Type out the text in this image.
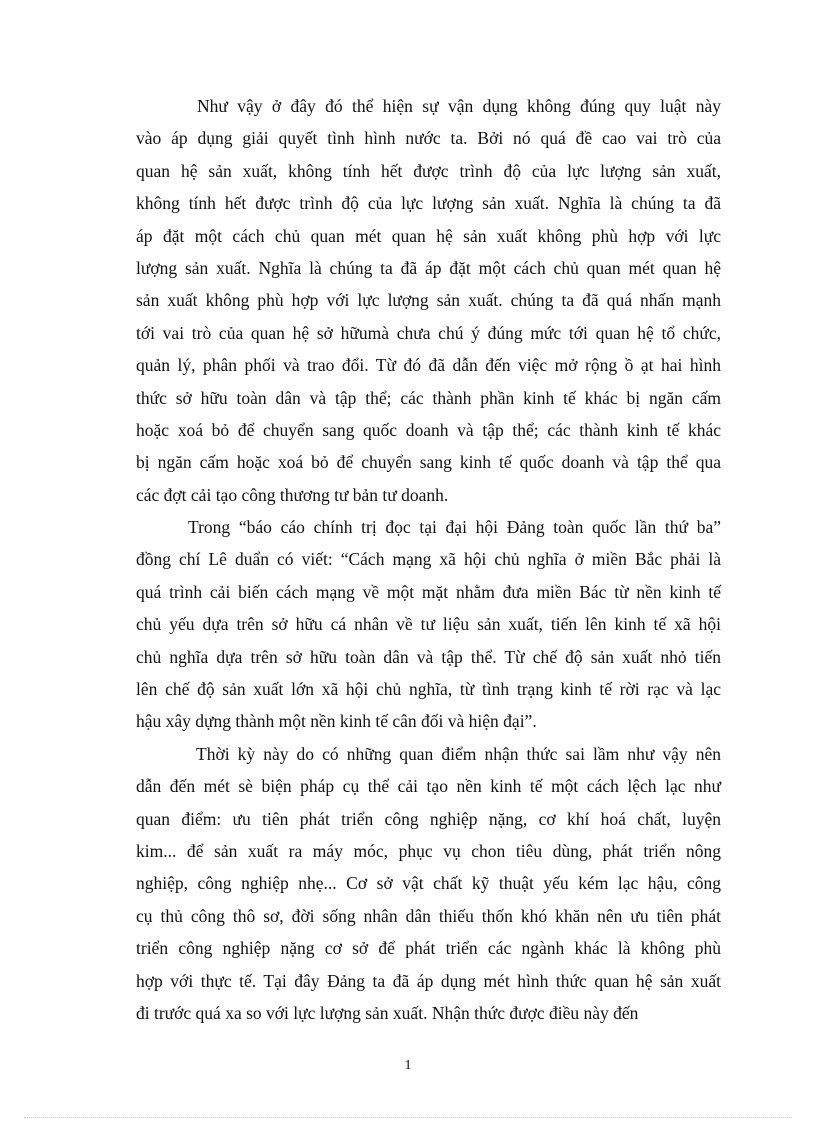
Như vậy ở đây đó thể hiện sự vận dụng không đúng quy luật này
vào áp dụng giải quyết tình hình nước ta. Bởi nó quá đề cao vai trò của
quan hệ sản xuất, không tính hết được trình độ của lực lượng sản xuất,
không tính hết được trình độ của lực lượng sản xuất. Nghĩa là chúng ta đã
áp đặt một cách chủ quan mét quan hệ sản xuất không phù hợp với lực
lượng sản xuất. Nghĩa là chúng ta đã áp đặt một cách chủ quan mét quan hệ
sản xuất không phù hợp với lực lượng sản xuất. chúng ta đã quá nhấn mạnh
tới vai trò của quan hệ sở hữumà chưa chú ý đúng mức tới quan hệ tổ chức,
quản lý, phân phối và trao đổi. Từ đó đã dẫn đến việc mở rộng ồ ạt hai hình
thức sở hữu toàn dân và tập thể; các thành phần kinh tế khác bị ngăn cấm
hoặc xoá bỏ để chuyển sang quốc doanh và tập thể; các thành kinh tế khác
bị ngăn cấm hoặc xoá bỏ để chuyển sang kinh tế quốc doanh và tập thể qua
các đợt cải tạo công thương tư bản tư doanh.
Trong “báo cáo chính trị đọc tại đại hội Đảng toàn quốc lần thứ ba”
đồng chí Lê duẩn có viết: “Cách mạng xã hội chủ nghĩa ở miền Bắc phải là
quá trình cải biến cách mạng về một mặt nhằm đưa miền Bác từ nền kinh tế
chủ yếu dựa trên sở hữu cá nhân về tư liệu sản xuất, tiến lên kinh tế xã hội
chủ nghĩa dựa trên sở hữu toàn dân và tập thể. Từ chế độ sản xuất nhỏ tiến
lên chế độ sản xuất lớn xã hội chủ nghĩa, từ tình trạng kinh tế rời rạc và lạc
hậu xây dựng thành một nền kinh tế cân đối và hiện đại”.
Thời kỳ này do có những quan điểm nhận thức sai lầm như vậy nên
dẫn đến mét sè biện pháp cụ thể cải tạo nền kinh tế một cách lệch lạc như
quan điểm: ưu tiên phát triển công nghiệp nặng, cơ khí hoá chất, luyện
kim... để sản xuất ra máy móc, phục vụ chon tiêu dùng, phát triển nông
nghiệp, công nghiệp nhẹ... Cơ sở vật chất kỹ thuật yếu kém lạc hậu, công
cụ thủ công thô sơ, đời sống nhân dân thiếu thốn khó khăn nên ưu tiên phát
triển công nghiệp nặng cơ sở để phát triển các ngành khác là không phù
hợp với thực tế. Tại đây Đảng ta đã áp dụng mét hình thức quan hệ sản xuất
đi trước quá xa so với lực lượng sản xuất. Nhận thức được điều này đến
1
